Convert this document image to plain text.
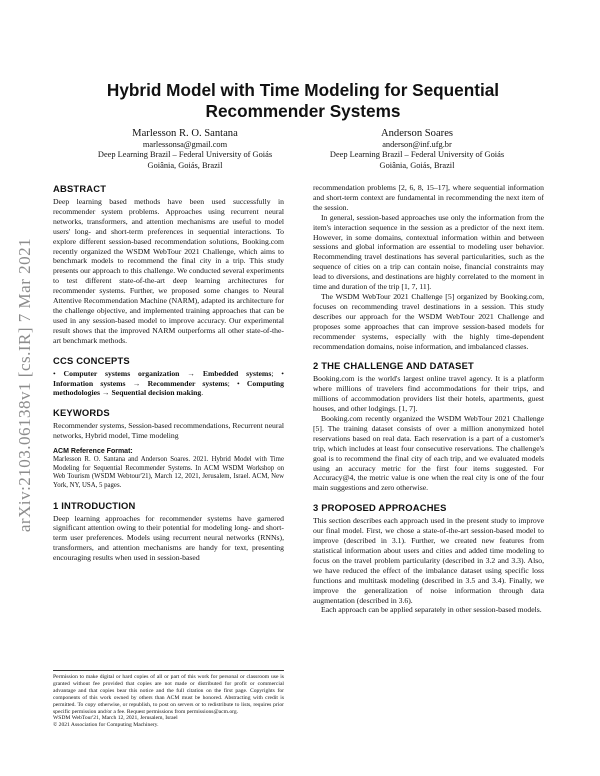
arXiv:2103.06138v1 [cs.IR] 7 Mar 2021
Hybrid Model with Time Modeling for Sequential Recommender Systems
Marlesson R. O. Santana
marlessonsa@gmail.com
Deep Learning Brazil – Federal University of Goiás
Goiânia, Goiás, Brazil
Anderson Soares
anderson@inf.ufg.br
Deep Learning Brazil – Federal University of Goiás
Goiânia, Goiás, Brazil
ABSTRACT

Deep learning based methods have been used successfully in recommender system problems. Approaches using recurrent neural networks, transformers, and attention mechanisms are useful to model users' long- and short-term preferences in sequential interactions. To explore different session-based recommendation solutions, Booking.com recently organized the WSDM WebTour 2021 Challenge, which aims to benchmark models to recommend the final city in a trip. This study presents our approach to this challenge. We conducted several experiments to test different state-of-the-art deep learning architectures for recommender systems. Further, we proposed some changes to Neural Attentive Recommendation Machine (NARM), adapted its architecture for the challenge objective, and implemented training approaches that can be used in any session-based model to improve accuracy. Our experimental result shows that the improved NARM outperforms all other state-of-the-art benchmark methods.

CCS CONCEPTS

• Computer systems organization → Embedded systems; • Information systems → Recommender systems; • Computing methodologies → Sequential decision making.

KEYWORDS

Recommender systems, Session-based recommendations, Recurrent neural networks, Hybrid model, Time modeling

ACM Reference Format:

Marlesson R. O. Santana and Anderson Soares. 2021. Hybrid Model with Time Modeling for Sequential Recommender Systems. In ACM WSDM Workshop on Web Tourism (WSDM Webtour'21), March 12, 2021, Jerusalem, Israel. ACM, New York, NY, USA, 5 pages.

1 INTRODUCTION

Deep learning approaches for recommender systems have garnered significant attention owing to their potential for modeling long- and short-term user preferences. Models using recurrent neural networks (RNNs), transformers, and attention mechanisms are handy for text, presenting encouraging results when used in session-based

Permission to make digital or hard copies of all or part of this work for personal or classroom use is granted without fee provided that copies are not made or distributed for profit or commercial advantage and that copies bear this notice and the full citation on the first page. Copyrights for components of this work owned by others than ACM must be honored. Abstracting with credit is permitted. To copy otherwise, or republish, to post on servers or to redistribute to lists, requires prior specific permission and/or a fee. Request permissions from permissions@acm.org.

WSDM WebTour'21, March 12, 2021, Jerusalem, Israel

© 2021 Association for Computing Machinery.

recommendation problems [2, 6, 8, 15–17], where sequential information and short-term context are fundamental in recommending the next item of the session.

In general, session-based approaches use only the information from the item's interaction sequence in the session as a predictor of the next item. However, in some domains, contextual information within and between sessions and global information are essential to modeling user behavior. Recommending travel destinations has several particularities, such as the sequence of cities on a trip can contain noise, financial constraints may lead to diversions, and destinations are highly correlated to the moment in time and duration of the trip [1, 7, 11].

The WSDM WebTour 2021 Challenge [5] organized by Booking.com, focuses on recommending travel destinations in a session. This study describes our approach for the WSDM WebTour 2021 Challenge and proposes some approaches that can improve session-based models for recommender systems, especially with the highly time-dependent recommendation domains, noise information, and imbalanced classes.

2 THE CHALLENGE AND DATASET

Booking.com is the world's largest online travel agency. It is a platform where millions of travelers find accommodations for their trips, and millions of accommodation providers list their hotels, apartments, guest houses, and other lodgings. [1, 7].

Booking.com recently organized the WSDM WebTour 2021 Challenge [5]. The training dataset consists of over a million anonymized hotel reservations based on real data. Each reservation is a part of a customer's trip, which includes at least four consecutive reservations. The challenge's goal is to recommend the final city of each trip, and we evaluated models using an accuracy metric for the first four items suggested. For Accuracy@4, the metric value is one when the real city is one of the four main suggestions and zero otherwise.

3 PROPOSED APPROACHES

This section describes each approach used in the present study to improve our final model. First, we chose a state-of-the-art session-based model to improve (described in 3.1). Further, we created new features from statistical information about users and cities and added time modeling to focus on the travel problem particularity (described in 3.2 and 3.3). Also, we have reduced the effect of the imbalance dataset using specific loss functions and multitask modeling (described in 3.5 and 3.4). Finally, we improve the generalization of noise information through data augmentation (described in 3.6).

Each approach can be applied separately in other session-based models.
